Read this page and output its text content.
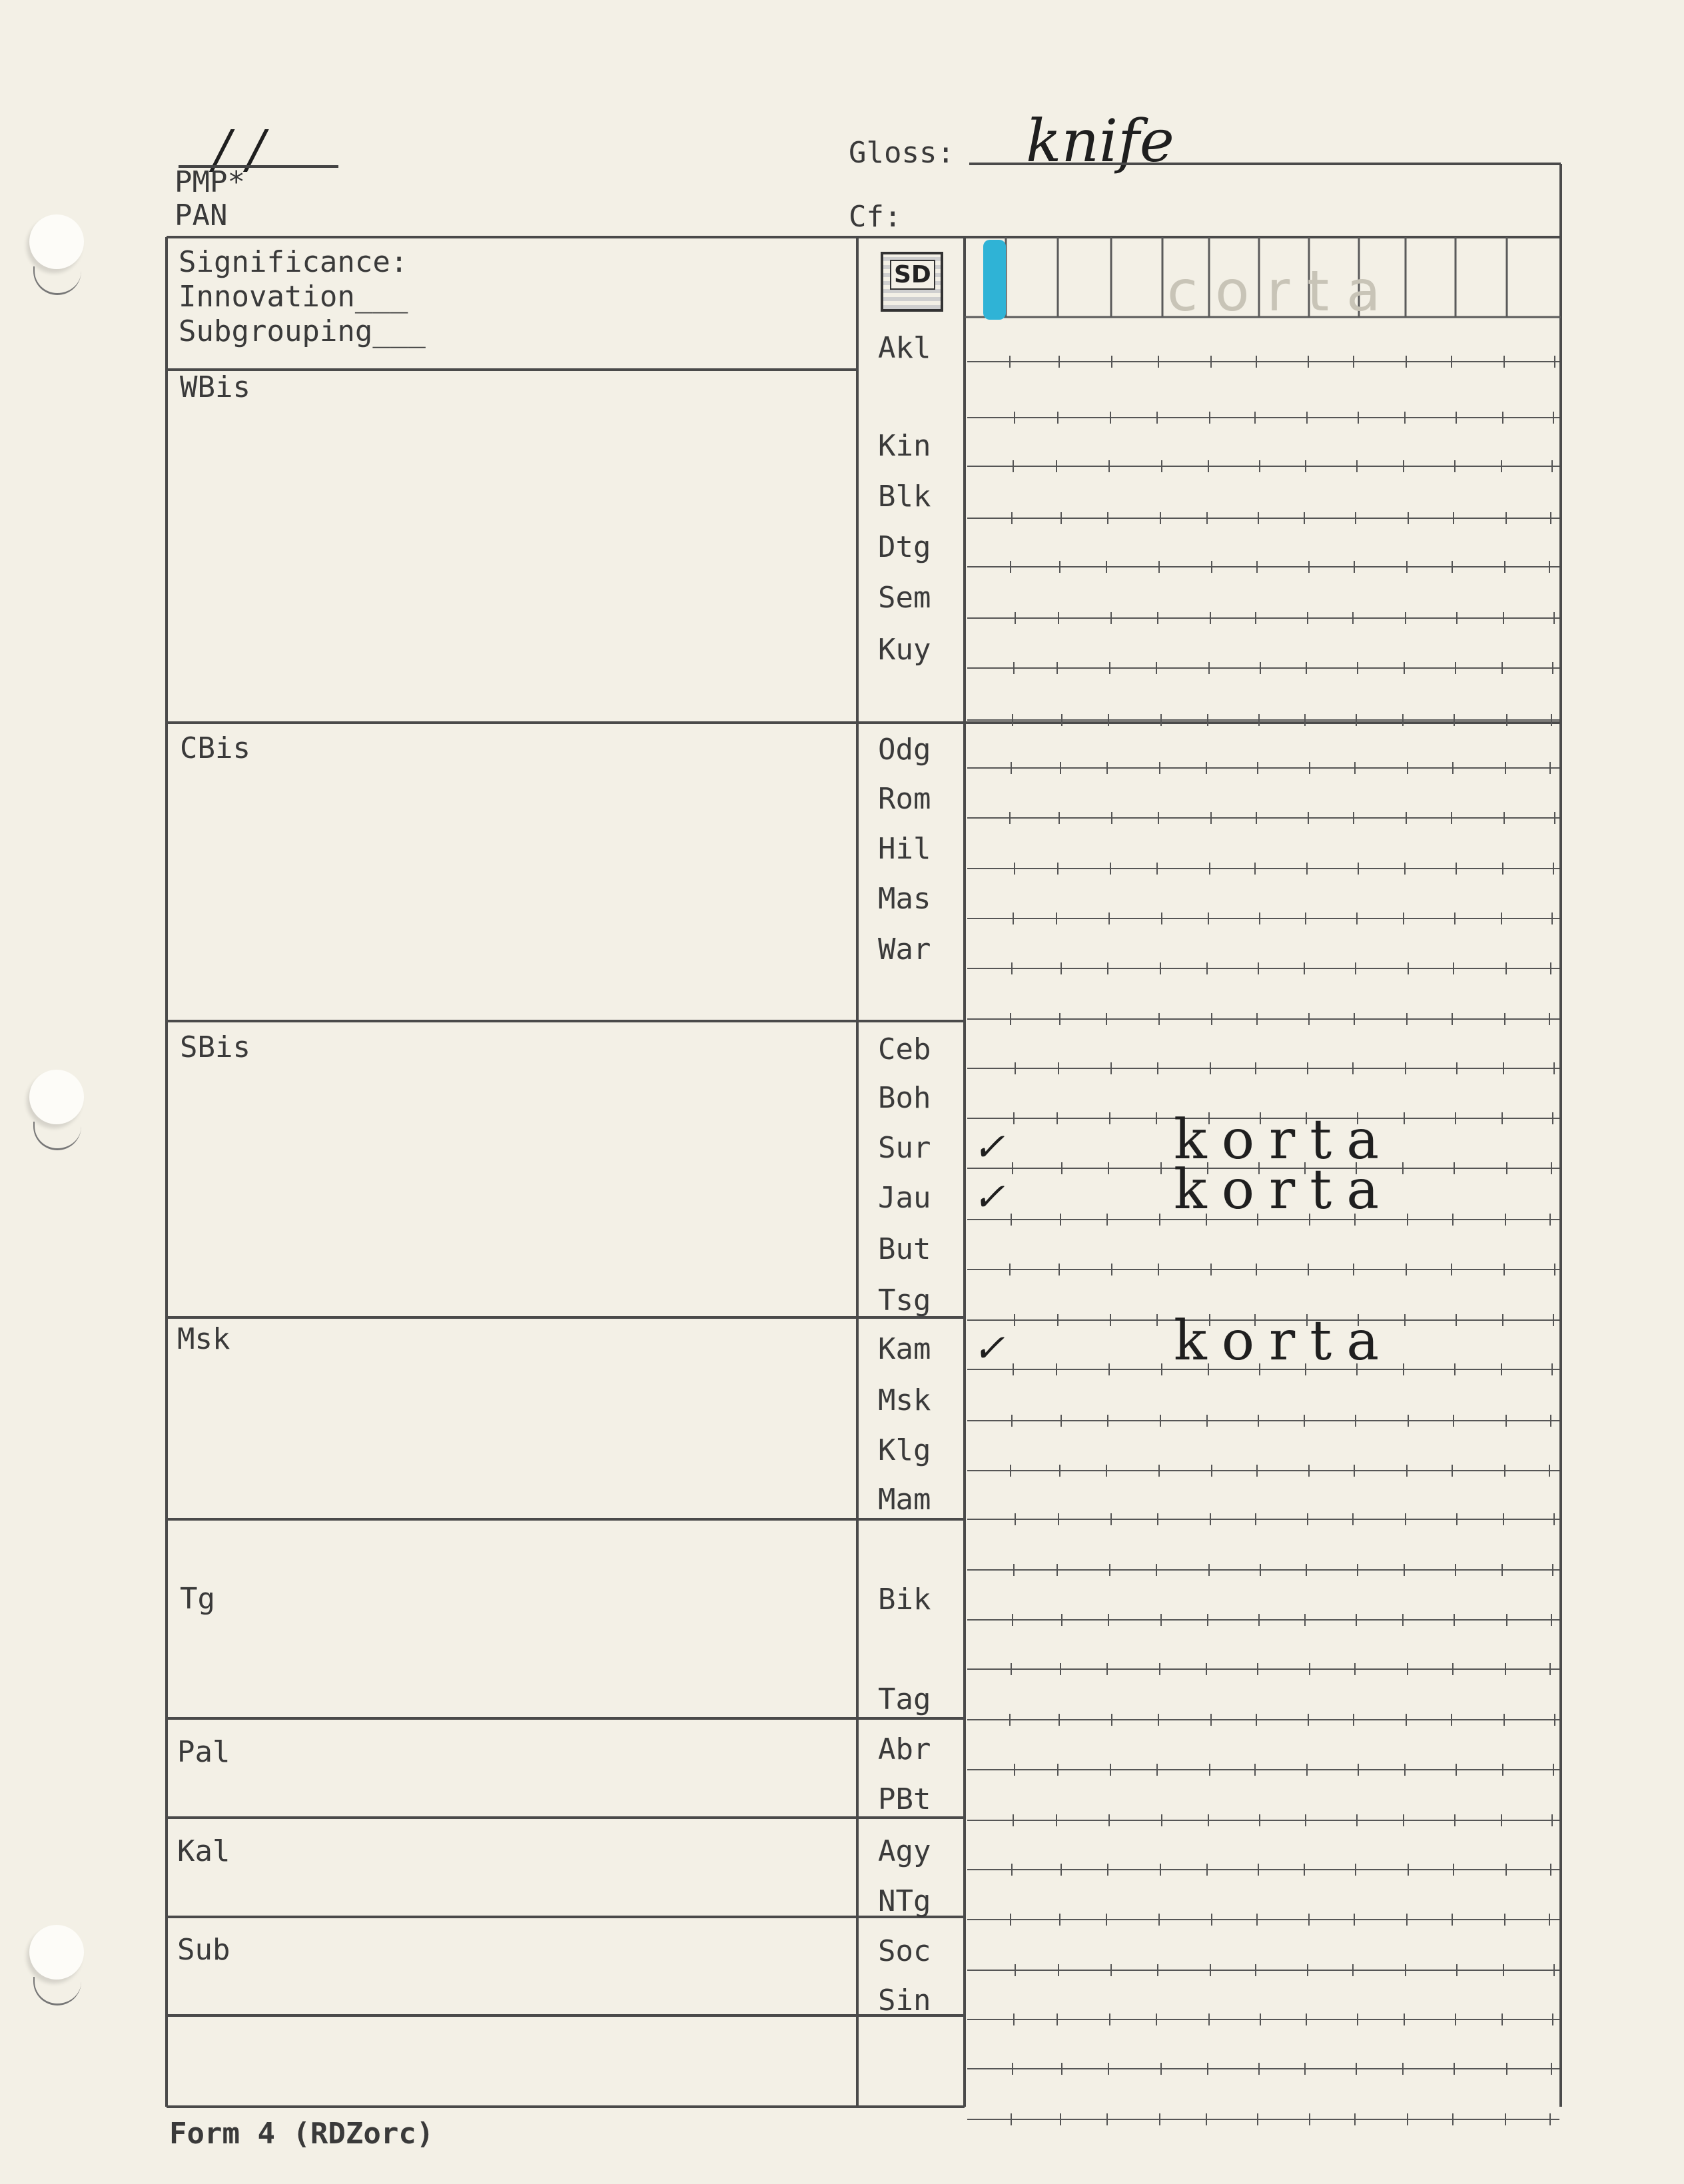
/ /
PMP*
PAN
Gloss: knife
Cf:
SD	corta
Significance:
Innovation___
Subgrouping___
WBis
CBis
SBis
Msk
Tg
Pal
Kal
Sub
Akl
Kin
Blk
Dtg
Sem
Kuy
Odg
Rom
Hil
Mas
War
Ceb
Boh
Sur ✓	korta
Jau ✓	korta
But
Tsg
Kam ✓	korta
Msk
Klg
Mam
Bik
Tag
Abr
PBt
Agy
NTg
Soc
Sin
Form 4 (RDZorc)
